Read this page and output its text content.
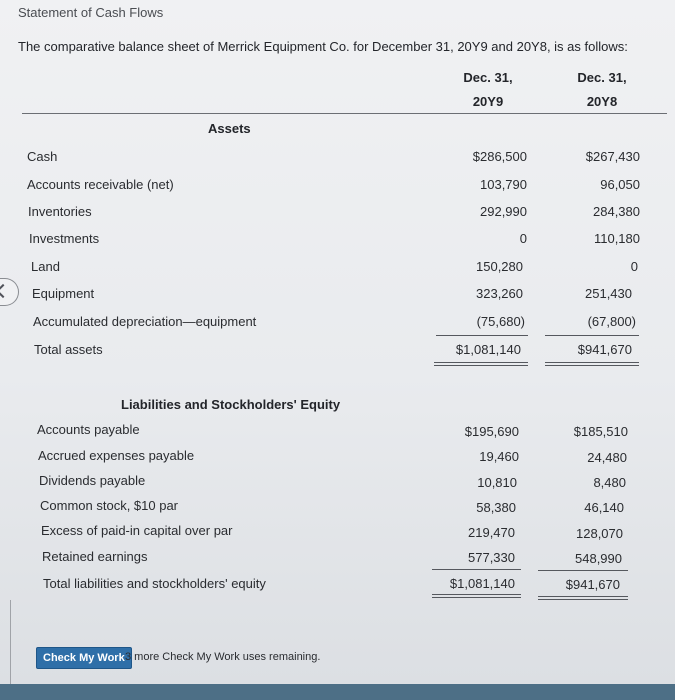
Statement of Cash Flows
The comparative balance sheet of Merrick Equipment Co. for December 31, 20Y9 and 20Y8, is as follows:
Dec. 31,
20Y9
Dec. 31,
20Y8
Assets
Cash	$286,500	$267,430
Accounts receivable (net)	103,790	96,050
Inventories	292,990	284,380
Investments	0	110,180
Land	150,280	0
Equipment	323,260	251,430
Accumulated depreciation—equipment	(75,680)	(67,800)
Total assets	$1,081,140	$941,670
Liabilities and Stockholders' Equity
Accounts payable	$195,690	$185,510
Accrued expenses payable	19,460	24,480
Dividends payable	10,810	8,480
Common stock, $10 par	58,380	46,140
Excess of paid-in capital over par	219,470	128,070
Retained earnings	577,330	548,990
Total liabilities and stockholders' equity	$1,081,140	$941,670
Check My Work 3 more Check My Work uses remaining.
